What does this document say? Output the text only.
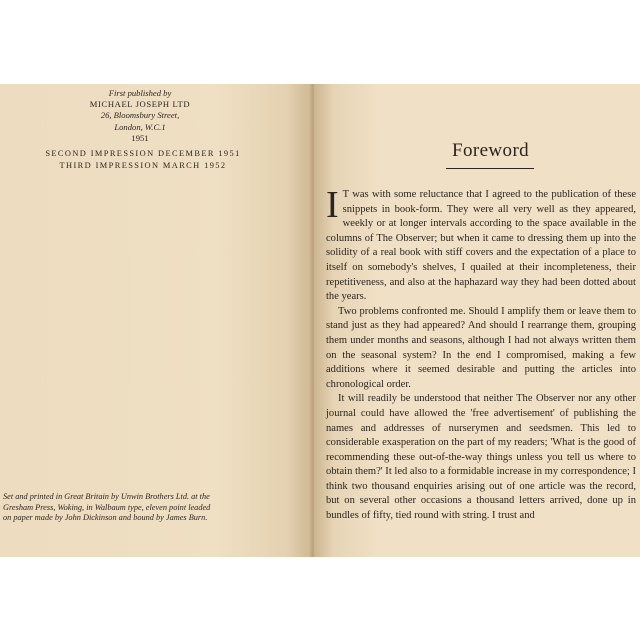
First published by
MICHAEL JOSEPH LTD
26, Bloomsbury Street,
London, W.C.1
1951
SECOND IMPRESSION DECEMBER 1951
THIRD IMPRESSION MARCH 1952
Set and printed in Great Britain by Unwin Brothers Ltd. at the
Gresham Press, Woking, in Walbaum type, eleven point leaded
on paper made by John Dickinson and bound by James Burn.
Foreword

I T was with some reluctance that I agreed to the publication of these snippets in book-form. They were all very well as they appeared, weekly or at longer intervals according to the space available in the columns of The Observer; but when it came to dressing them up into the solidity of a real book with stiff covers and the expectation of a place to itself on somebody's shelves, I quailed at their incompleteness, their repetitiveness, and also at the haphazard way they had been dotted about the years.

Two problems confronted me. Should I amplify them or leave them to stand just as they had appeared? And should I rearrange them, grouping them under months and seasons, although I had not always written them on the seasonal system? In the end I compromised, making a few additions where it seemed desirable and putting the articles into chronological order.

It will readily be understood that neither The Observer nor any other journal could have allowed the 'free advertisement' of publishing the names and addresses of nurserymen and seedsmen. This led to considerable exasperation on the part of my readers; 'What is the good of recommending these out-of-the-way things unless you tell us where to obtain them?' It led also to a formidable increase in my correspondence; I think two thousand enquiries arising out of one article was the record, but on several other occasions a thousand letters arrived, done up in bundles of fifty, tied round with string. I trust and
